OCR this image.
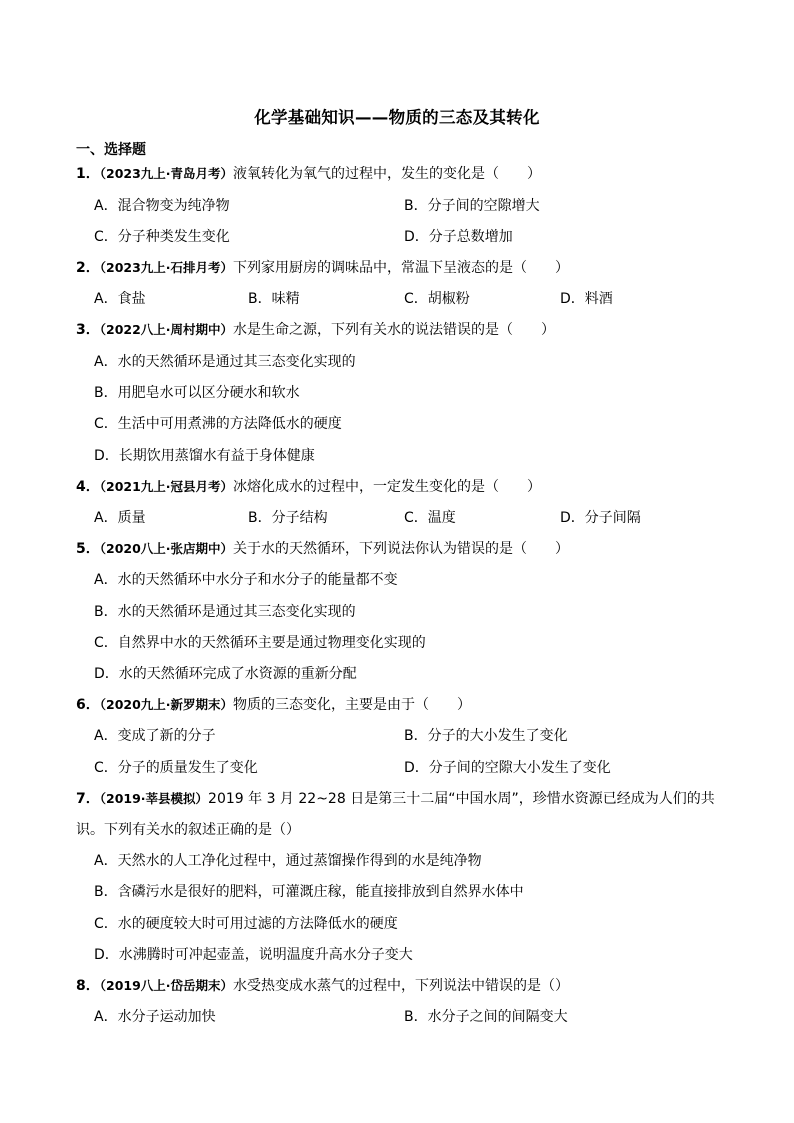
化学基础知识——物质的三态及其转化
一、选择题
1．（2023九上·青岛月考）液氧转化为氧气的过程中，发生的变化是（　　）
A．混合物变为纯净物	B．分子间的空隙增大
C．分子种类发生变化	D．分子总数增加
2．（2023九上·石排月考）下列家用厨房的调味品中，常温下呈液态的是（　　）
A．食盐	B．味精	C．胡椒粉	D．料酒
3．（2022八上·周村期中）水是生命之源，下列有关水的说法错误的是（　　）
A．水的天然循环是通过其三态变化实现的
B．用肥皂水可以区分硬水和软水
C．生活中可用煮沸的方法降低水的硬度
D．长期饮用蒸馏水有益于身体健康
4．（2021九上·冠县月考）冰熔化成水的过程中，一定发生变化的是（　　）
A．质量	B．分子结构	C．温度	D．分子间隔
5．（2020八上·张店期中）关于水的天然循环，下列说法你认为错误的是（　　）
A．水的天然循环中水分子和水分子的能量都不变
B．水的天然循环是通过其三态变化实现的
C．自然界中水的天然循环主要是通过物理变化实现的
D．水的天然循环完成了水资源的重新分配
6．（2020九上·新罗期末）物质的三态变化，主要是由于（　　）
A．变成了新的分子	B．分子的大小发生了变化
C．分子的质量发生了变化	D．分子间的空隙大小发生了变化
7．（2019·莘县模拟）2019 年 3 月 22~28 日是第三十二届“中国水周”，珍惜水资源已经成为人们的共
识。下列有关水的叙述正确的是（）
A．天然水的人工净化过程中，通过蒸馏操作得到的水是纯净物
B．含磷污水是很好的肥料，可灌溉庄稼，能直接排放到自然界水体中
C．水的硬度较大时可用过滤的方法降低水的硬度
D．水沸腾时可冲起壶盖，说明温度升高水分子变大
8．（2019八上·岱岳期末）水受热变成水蒸气的过程中，下列说法中错误的是（）
A．水分子运动加快	B．水分子之间的间隔变大
